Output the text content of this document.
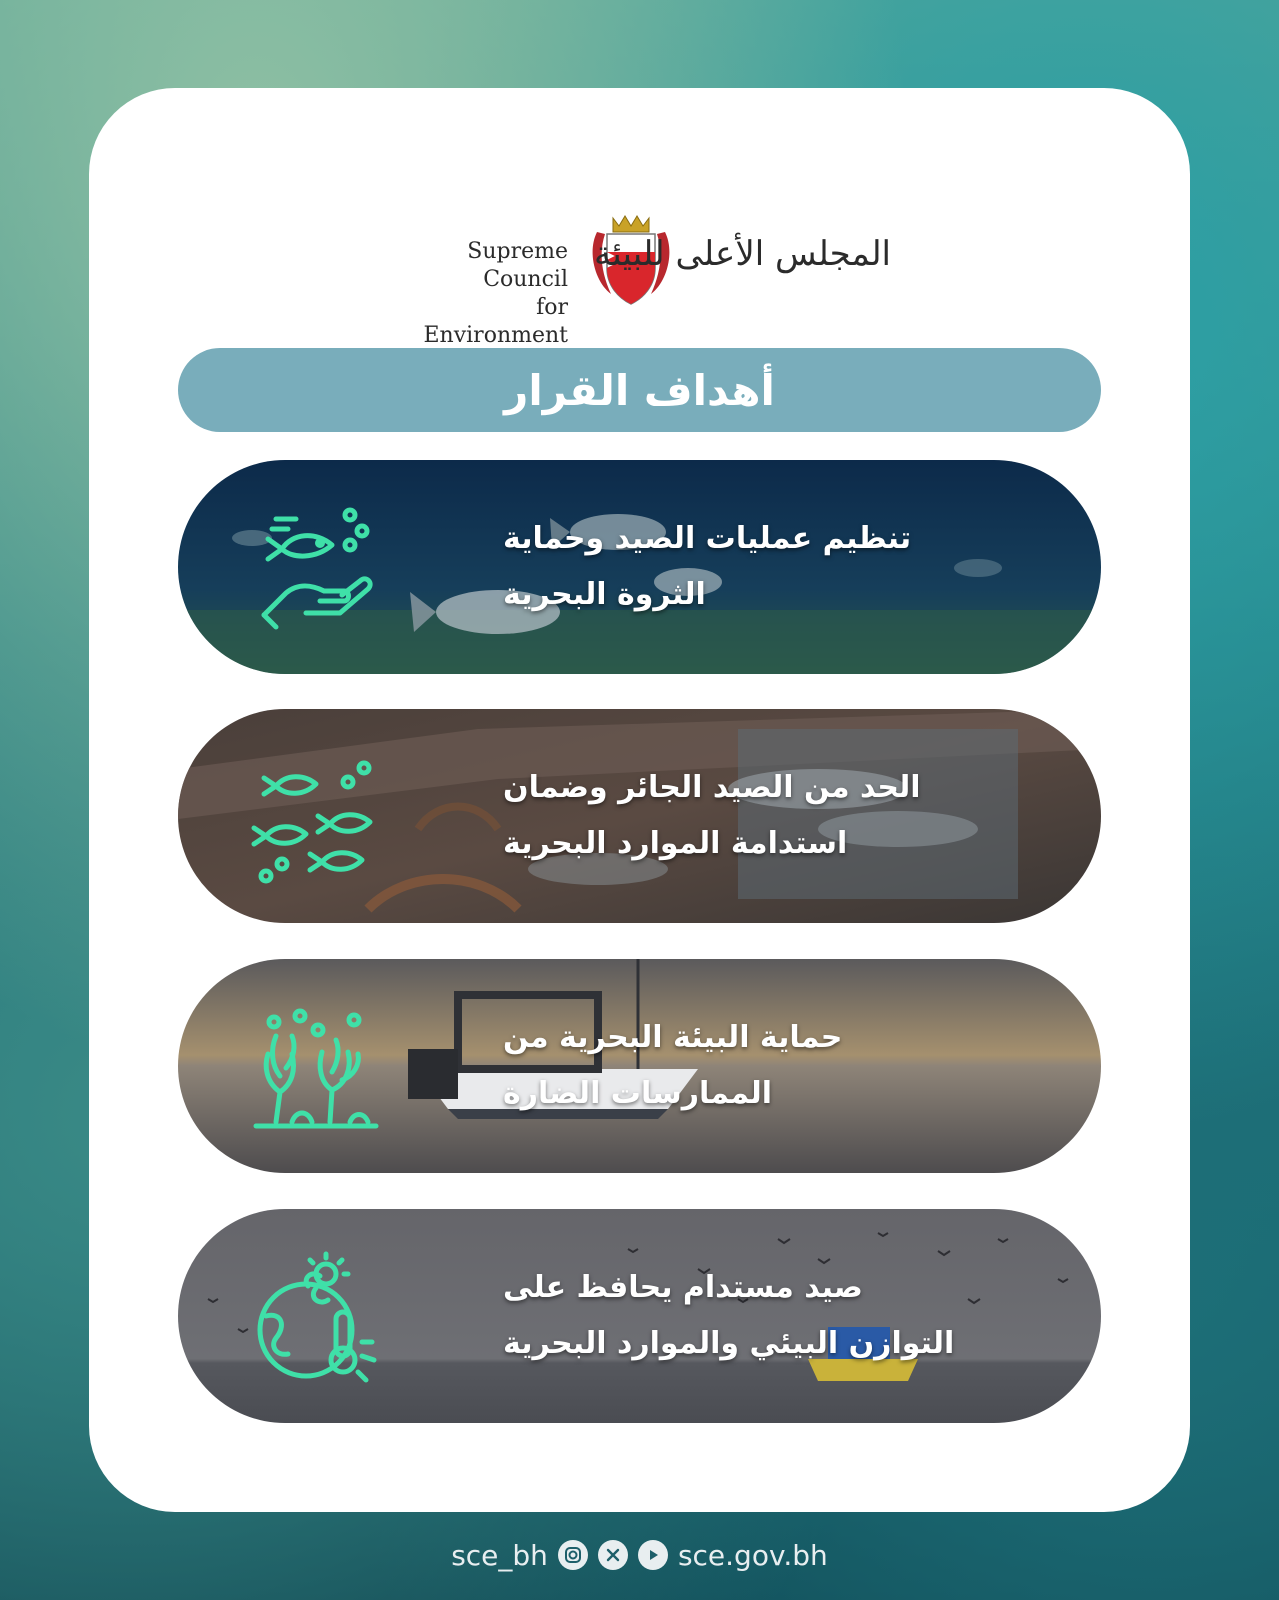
Supreme Council
for Environment
المجلس الأعلى للبيئة
أهداف القرار
تنظيم عمليات الصيد وحماية
الثروة البحرية
الحد من الصيد الجائر وضمان
استدامة الموارد البحرية
حماية البيئة البحرية من
الممارسات الضارة
صيد مستدام يحافظ على
التوازن البيئي والموارد البحرية
sce_bh	sce.gov.bh
